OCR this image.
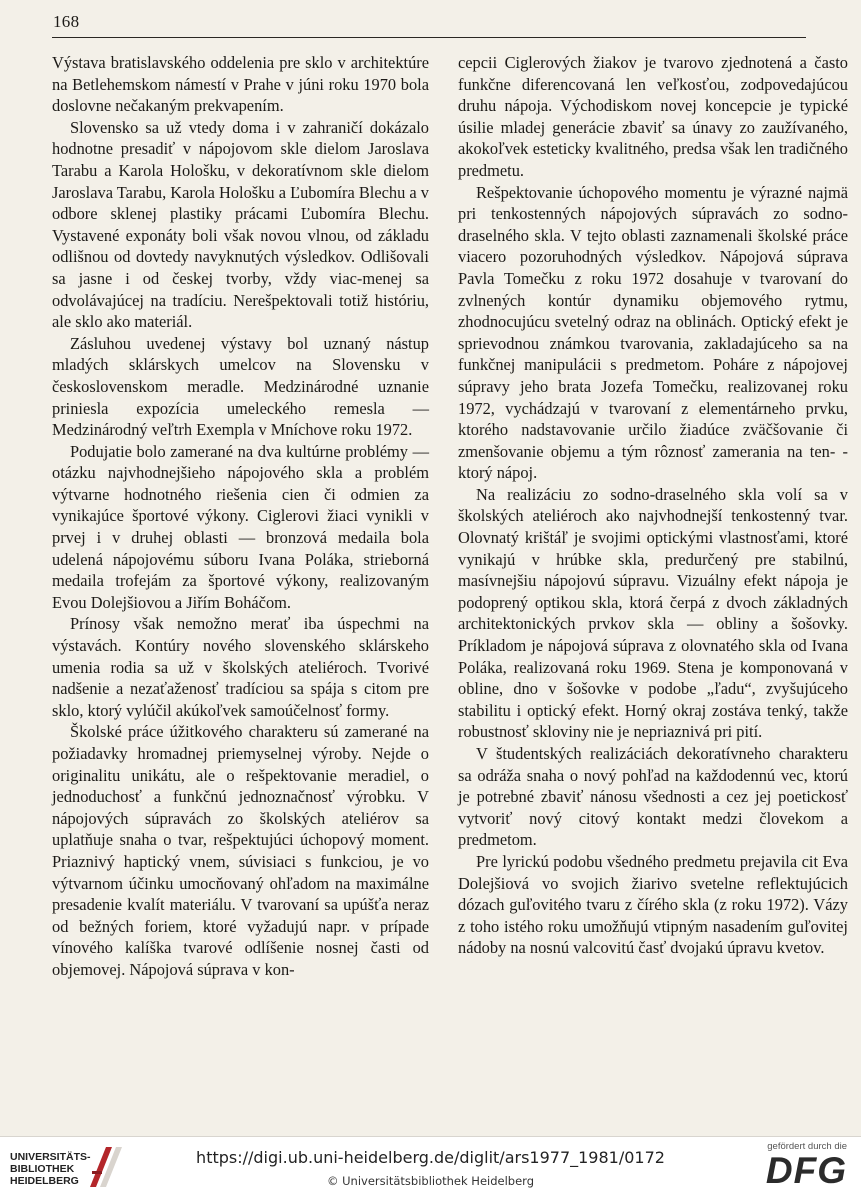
168

Výstava bratislavského oddelenia pre sklo v architektúre na Betlehemskom námestí v Prahe v júni roku 1970 bola doslovne nečakaným prekvapením.

Slovensko sa už vtedy doma i v zahraničí dokázalo hodnotne presadiť v nápojovom skle dielom Jaroslava Tarabu a Karola Hološku, v dekoratívnom skle dielom Jaroslava Tarabu, Karola Hološku a Ľubomíra Blechu a v odbore sklenej plastiky prácami Ľubomíra Blechu. Vystavené exponáty boli však novou vlnou, od základu odlišnou od dovtedy navyknutých výsledkov. Odlišovali sa jasne i od českej tvorby, vždy viac-menej sa odvolávajúcej na tradíciu. Nerešpektovali totiž históriu, ale sklo ako materiál.

Zásluhou uvedenej výstavy bol uznaný nástup mladých sklárskych umelcov na Slovensku v československom meradle. Medzinárodné uznanie priniesla expozícia umeleckého remesla — Medzinárodný veľtrh Exempla v Mníchove roku 1972.

Podujatie bolo zamerané na dva kultúrne problémy — otázku najvhodnejšieho nápojového skla a problém výtvarne hodnotného riešenia cien či odmien za vynikajúce športové výkony. Ciglerovi žiaci vynikli v prvej i v druhej oblasti — bronzová medaila bola udelená nápojovému súboru Ivana Poláka, strieborná medaila trofejám za športové výkony, realizovaným Evou Dolejšiovou a Jiřím Boháčom.

Prínosy však nemožno merať iba úspechmi na výstavách. Kontúry nového slovenského sklárskeho umenia rodia sa už v školských ateliéroch. Tvorivé nadšenie a nezaťaženosť tradíciou sa spája s citom pre sklo, ktorý vylúčil akúkoľvek samoúčelnosť formy.

Školské práce úžitkového charakteru sú zamerané na požiadavky hromadnej priemyselnej výroby. Nejde o originalitu unikátu, ale o rešpektovanie meradiel, o jednoduchosť a funkčnú jednoznačnosť výrobku. V nápojových súpravách zo školských ateliérov sa uplatňuje snaha o tvar, rešpektujúci úchopový moment. Priaznivý haptický vnem, súvisiaci s funkciou, je vo výtvarnom účinku umocňovaný ohľadom na maximálne presadenie kvalít materiálu. V tvarovaní sa upúšťa neraz od bežných foriem, ktoré vyžadujú napr. v prípade vínového kalíška tvarové odlíšenie nosnej časti od objemovej. Nápojová súprava v kon-

cepcii Ciglerových žiakov je tvarovo zjednotená a často funkčne diferencovaná len veľkosťou, zodpovedajúcou druhu nápoja. Východiskom novej koncepcie je typické úsilie mladej generácie zbaviť sa únavy zo zaužívaného, akokoľvek esteticky kvalitného, predsa však len tradičného predmetu.

Rešpektovanie úchopového momentu je výrazné najmä pri tenkostenných nápojových súpravách zo sodno-draselného skla. V tejto oblasti zaznamenali školské práce viacero pozoruhodných výsledkov. Nápojová súprava Pavla Tomečku z roku 1972 dosahuje v tvarovaní do zvlnených kontúr dynamiku objemového rytmu, zhodnocujúcu svetelný odraz na oblinách. Optický efekt je sprievodnou známkou tvarovania, zakladajúceho sa na funkčnej manipulácii s predmetom. Poháre z nápojovej súpravy jeho brata Jozefa Tomečku, realizovanej roku 1972, vychádzajú v tvarovaní z elementárneho prvku, ktorého nadstavovanie určilo žiadúce zväčšovanie či zmenšovanie objemu a tým rôznosť zamerania na ten- -ktorý nápoj.

Na realizáciu zo sodno-draselného skla volí sa v školských ateliéroch ako najvhodnejší tenkostenný tvar. Olovnatý krištáľ je svojimi optickými vlastnosťami, ktoré vynikajú v hrúbke skla, predurčený pre stabilnú, masívnejšiu nápojovú súpravu. Vizuálny efekt nápoja je podoprený optikou skla, ktorá čerpá z dvoch základných architektonických prvkov skla — obliny a šošovky. Príkladom je nápojová súprava z olovnatého skla od Ivana Poláka, realizovaná roku 1969. Stena je komponovaná v obline, dno v šošovke v podobe „ľadu“, zvyšujúceho stabilitu i optický efekt. Horný okraj zostáva tenký, takže robustnosť sklovinу nie je nepriaznivá pri pití.

V študentských realizáciách dekoratívneho charakteru sa odráža snaha o nový pohľad na každodennú vec, ktorú je potrebné zbaviť nánosu všednosti a cez jej poetickosť vytvoriť nový citový kontakt medzi človekom a predmetom.

Pre lyrickú podobu všedného predmetu prejavila cit Eva Dolejšiová vo svojich žiarivo svetelne reflektujúcich dózach guľovitého tvaru z čírého skla (z roku 1972). Vázy z toho istého roku umožňujú vtipným nasadením guľovitej nádoby na nosnú valcovitú časť dvojakú úpravu kvetov.

UNIVERSITÄTS-
BIBLIOTHEK
HEIDELBERG
https://digi.ub.uni-heidelberg.de/diglit/ars1977_1981/0172
© Universitätsbibliothek Heidelberg
gefördert durch die
DFG
